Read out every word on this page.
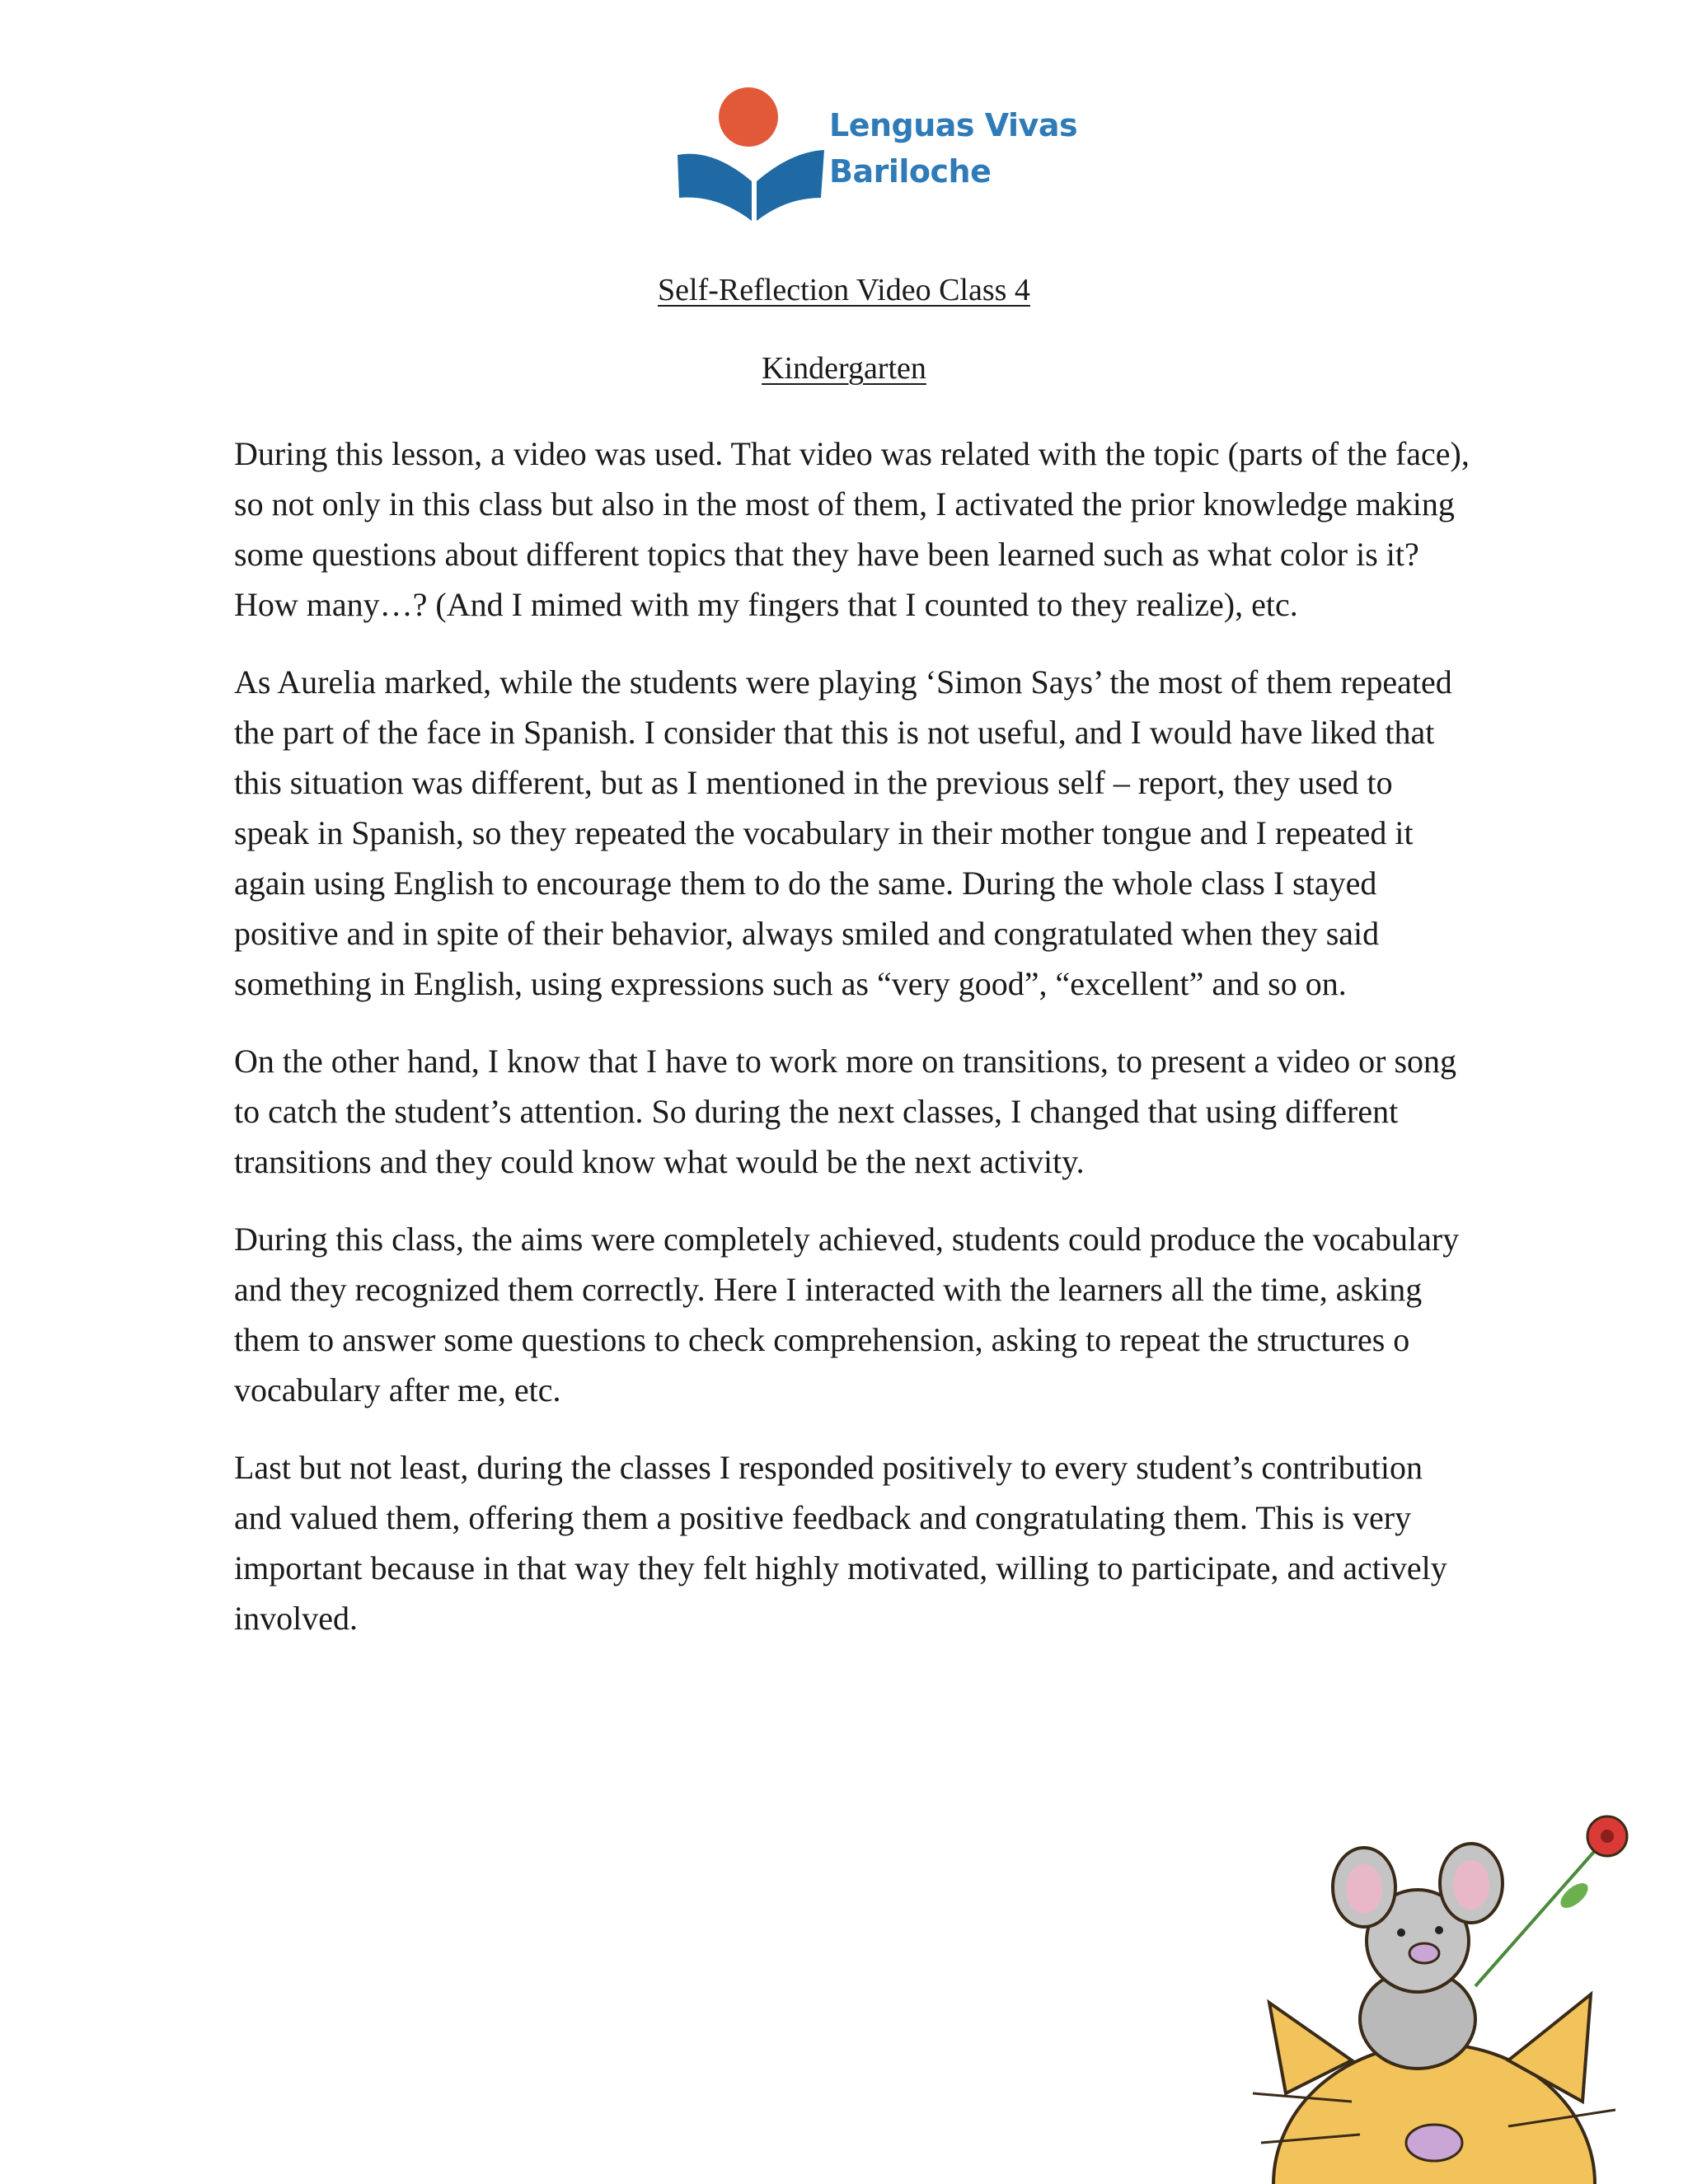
Lenguas Vivas
Bariloche
Self-Reflection Video Class 4
Kindergarten

During this lesson, a video was used. That video was related with the topic (parts of the face), so not only in this class but also in the most of them, I activated the prior knowledge making some questions about different topics that they have been learned such as what color is it? How many…? (And I mimed with my fingers that I counted to they realize), etc.

As Aurelia marked, while the students were playing ‘Simon Says’ the most of them repeated the part of the face in Spanish. I consider that this is not useful, and I would have liked that this situation was different, but as I mentioned in the previous self – report, they used to speak in Spanish, so they repeated the vocabulary in their mother tongue and I repeated it again using English to encourage them to do the same. During the whole class I stayed positive and in spite of their behavior, always smiled and congratulated when they said something in English, using expressions such as “very good”, “excellent” and so on.

On the other hand, I know that I have to work more on transitions, to present a video or song to catch the student’s attention. So during the next classes, I changed that using different transitions and they could know what would be the next activity.

During this class, the aims were completely achieved, students could produce the vocabulary and they recognized them correctly. Here I interacted with the learners all the time, asking them to answer some questions to check comprehension, asking to repeat the structures o vocabulary after me, etc.

Last but not least, during the classes I responded positively to every student’s contribution and valued them, offering them a positive feedback and congratulating them. This is very important because in that way they felt highly motivated, willing to participate, and actively involved.
